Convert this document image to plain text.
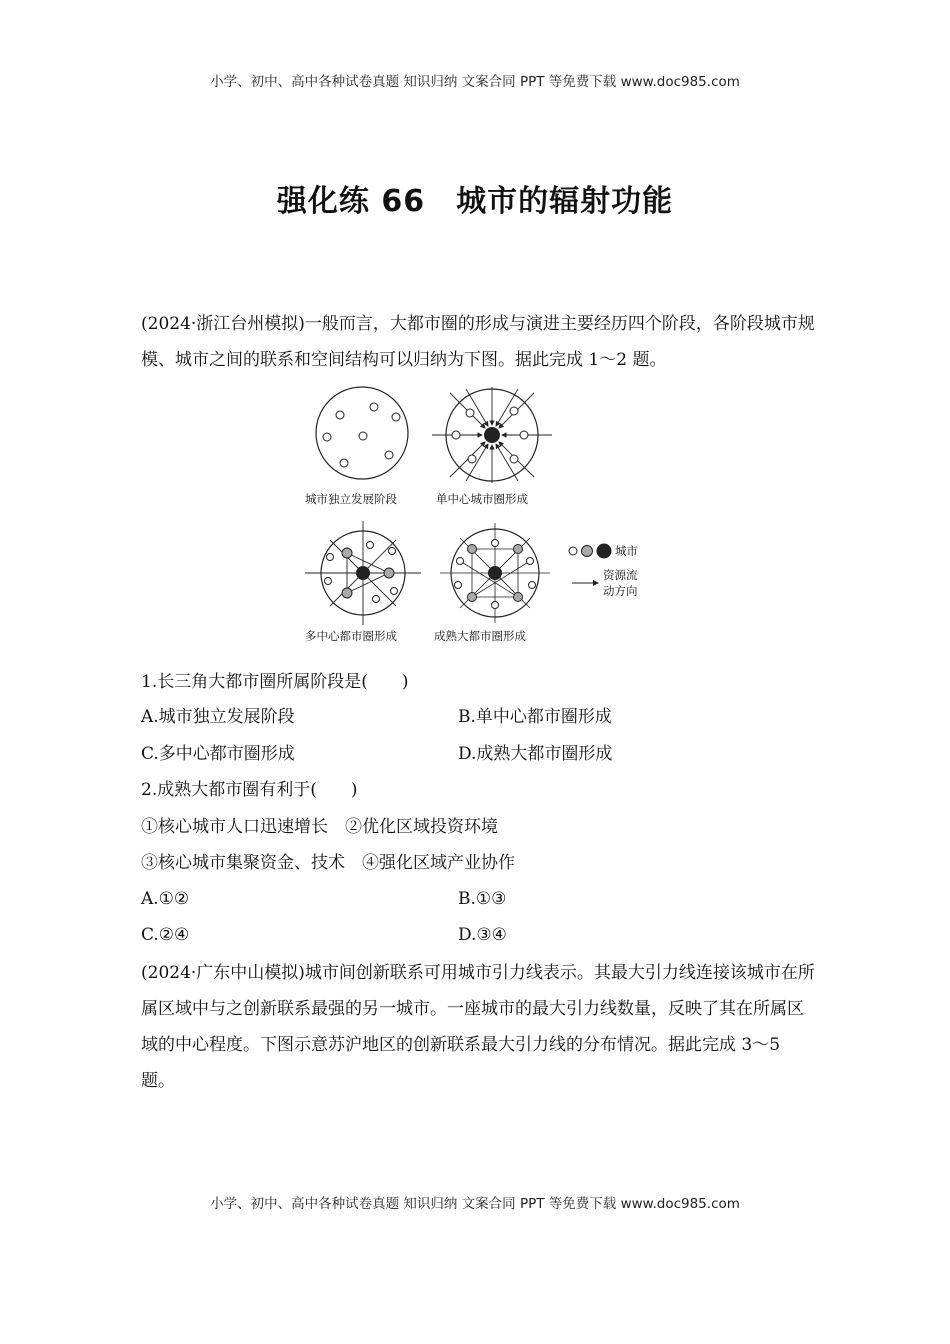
小学、初中、高中各种试卷真题 知识归纳 文案合同 PPT 等免费下载 www.doc985.com
强化练 66　城市的辐射功能
(2024·浙江台州模拟)一般而言，大都市圈的形成与演进主要经历四个阶段，各阶段城市规模、城市之间的联系和空间结构可以归纳为下图。据此完成 1～2 题。
城市独立发展阶段	单中心城市圈形成
多中心都市圈形成	成熟大都市圈形成
城市
资源流
动方向
1.长三角大都市圈所属阶段是(　　)
A.城市独立发展阶段	B.单中心都市圈形成
C.多中心都市圈形成	D.成熟大都市圈形成
2.成熟大都市圈有利于(　　)
①核心城市人口迅速增长　②优化区域投资环境
③核心城市集聚资金、技术　④强化区域产业协作
A.①②	B.①③
C.②④	D.③④
(2024·广东中山模拟)城市间创新联系可用城市引力线表示。其最大引力线连接该城市在所属区域中与之创新联系最强的另一城市。一座城市的最大引力线数量，反映了其在所属区域的中心程度。下图示意苏沪地区的创新联系最大引力线的分布情况。据此完成 3～5 题。
小学、初中、高中各种试卷真题 知识归纳 文案合同 PPT 等免费下载 www.doc985.com
